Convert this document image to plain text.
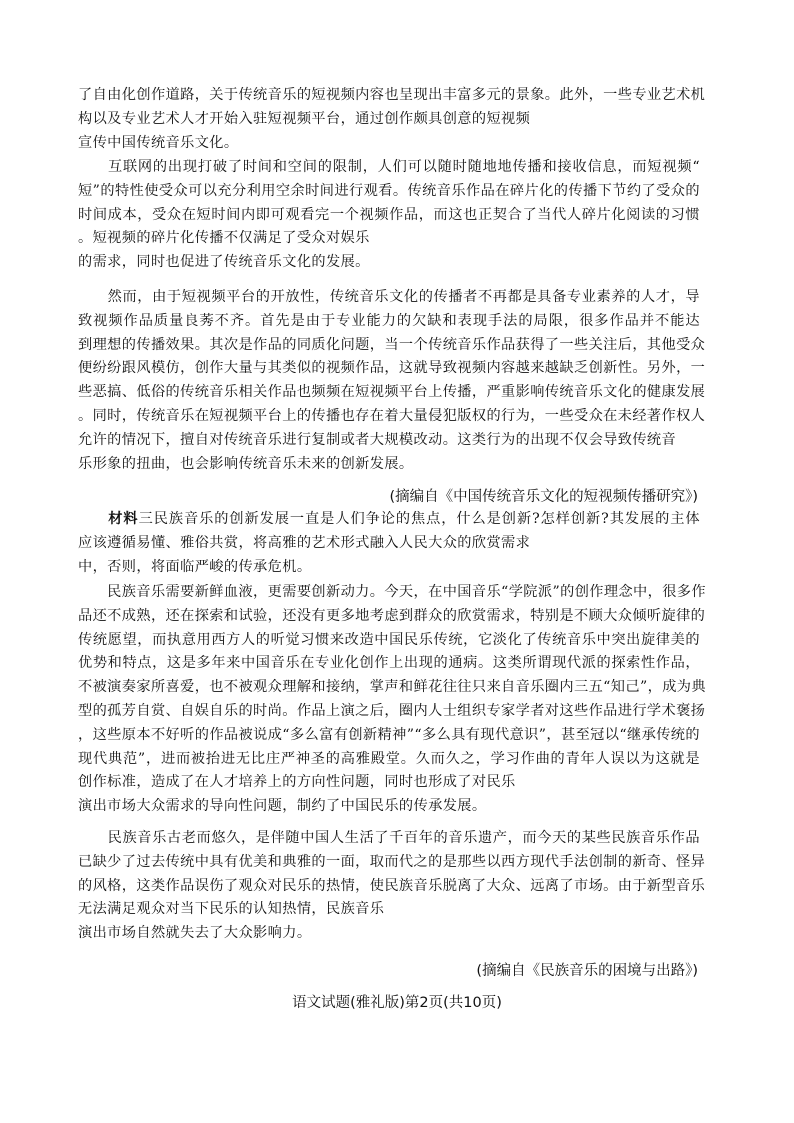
了自由化创作道路，关于传统音乐的短视频内容也呈现出丰富多元的景象。此外，一些专业艺术机
构以及专业艺术人才开始入驻短视频平台，通过创作颇具创意的短视频
宣传中国传统音乐文化。

　　互联网的出现打破了时间和空间的限制，人们可以随时随地地传播和接收信息，而短视频“
短”的特性使受众可以充分利用空余时间进行观看。传统音乐作品在碎片化的传播下节约了受众的
时间成本，受众在短时间内即可观看完一个视频作品，而这也正契合了当代人碎片化阅读的习惯
。短视频的碎片化传播不仅满足了受众对娱乐
的需求，同时也促进了传统音乐文化的发展。

　　然而，由于短视频平台的开放性，传统音乐文化的传播者不再都是具备专业素养的人才，导
致视频作品质量良莠不齐。首先是由于专业能力的欠缺和表现手法的局限，很多作品并不能达
到理想的传播效果。其次是作品的同质化问题，当一个传统音乐作品获得了一些关注后，其他受众
便纷纷跟风模仿，创作大量与其类似的视频作品，这就导致视频内容越来越缺乏创新性。另外，一
些恶搞、低俗的传统音乐相关作品也频频在短视频平台上传播，严重影响传统音乐文化的健康发展
。同时，传统音乐在短视频平台上的传播也存在着大量侵犯版权的行为，一些受众在未经著作权人
允许的情况下，擅自对传统音乐进行复制或者大规模改动。这类行为的出现不仅会导致传统音
乐形象的扭曲，也会影响传统音乐未来的创新发展。

(摘编自《中国传统音乐文化的短视频传播研究》)

　　材料三民族音乐的创新发展一直是人们争论的焦点，什么是创新?怎样创新?其发展的主体
应该遵循易懂、雅俗共赏，将高雅的艺术形式融入人民大众的欣赏需求
中，否则，将面临严峻的传承危机。

　　民族音乐需要新鲜血液，更需要创新动力。今天，在中国音乐“学院派”的创作理念中，很多作
品还不成熟，还在探索和试验，还没有更多地考虑到群众的欣赏需求，特别是不顾大众倾听旋律的
传统愿望，而执意用西方人的听觉习惯来改造中国民乐传统，它淡化了传统音乐中突出旋律美的
优势和特点，这是多年来中国音乐在专业化创作上出现的通病。这类所谓现代派的探索性作品，
不被演奏家所喜爱，也不被观众理解和接纳，掌声和鲜花往往只来自音乐圈内三五“知己”，成为典
型的孤芳自赏、自娱自乐的时尚。作品上演之后，圈内人士组织专家学者对这些作品进行学术褒扬
，这些原本不好听的作品被说成“多么富有创新精神”“多么具有现代意识”，甚至冠以“继承传统的
现代典范”，进而被抬进无比庄严神圣的高雅殿堂。久而久之，学习作曲的青年人误以为这就是
创作标准，造成了在人才培养上的方向性问题，同时也形成了对民乐
演出市场大众需求的导向性问题，制约了中国民乐的传承发展。

　　民族音乐古老而悠久，是伴随中国人生活了千百年的音乐遗产，而今天的某些民族音乐作品
已缺少了过去传统中具有优美和典雅的一面，取而代之的是那些以西方现代手法创制的新奇、怪异
的风格，这类作品误伤了观众对民乐的热情，使民族音乐脱离了大众、远离了市场。由于新型音乐
无法满足观众对当下民乐的认知热情，民族音乐
演出市场自然就失去了大众影响力。

(摘编自《民族音乐的困境与出路》)
语文试题(雅礼版)第2页(共10页)
